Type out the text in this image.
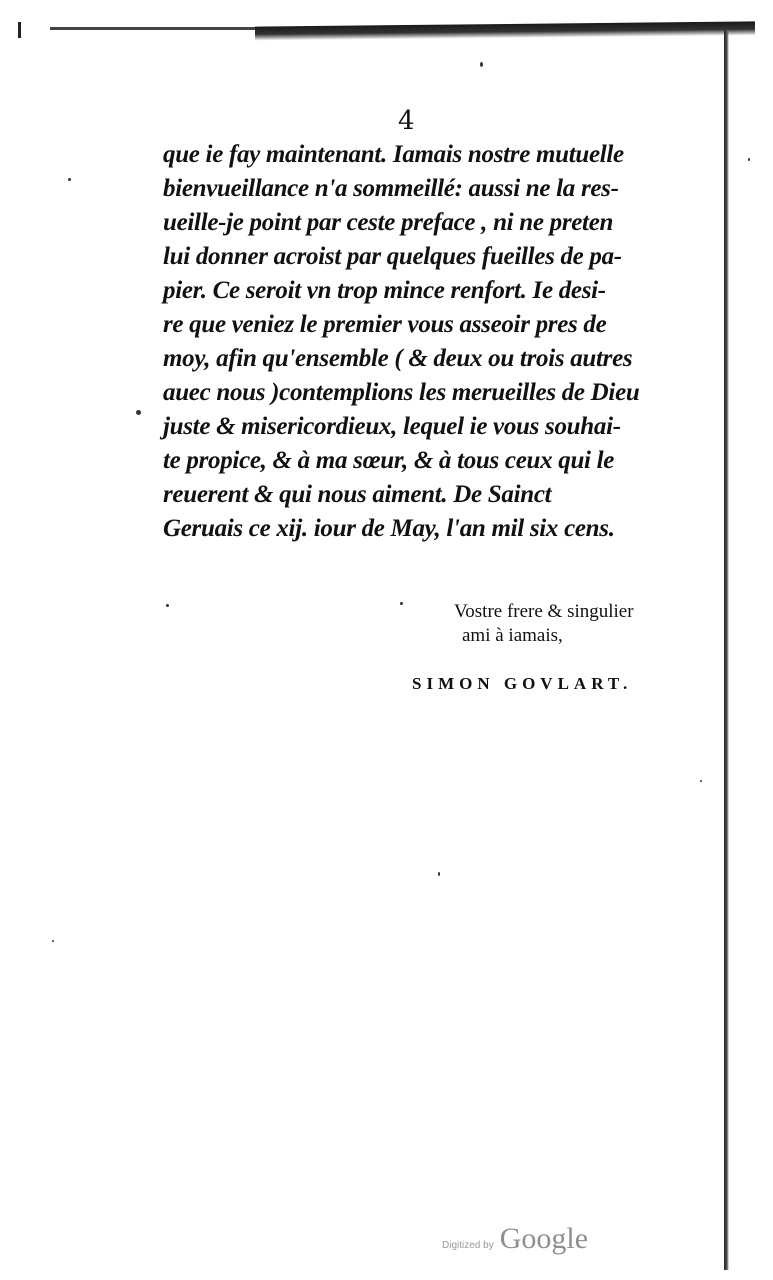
4
que ie fay maintenant. Iamais nostre mutuelle
bienvueillance n'a sommeillé: aussi ne la res-
ueille-je point par ceste preface , ni ne preten
lui donner acroist par quelques fueilles de pa-
pier. Ce seroit vn trop mince renfort. Ie desi-
re que veniez le premier vous asseoir pres de
moy, afin qu'ensemble ( & deux ou trois autres
auec nous )contemplions les merueilles de Dieu
juste & misericordieux, lequel ie vous souhai-
te propice, & à ma sœur, & à tous ceux qui le
reuerent & qui nous aiment. De Sainct
Geruais ce xij. iour de May, l'an mil six cens.
Vostre frere & singulier
ami à iamais,
SIMON GOVLART.
Digitized by Google
